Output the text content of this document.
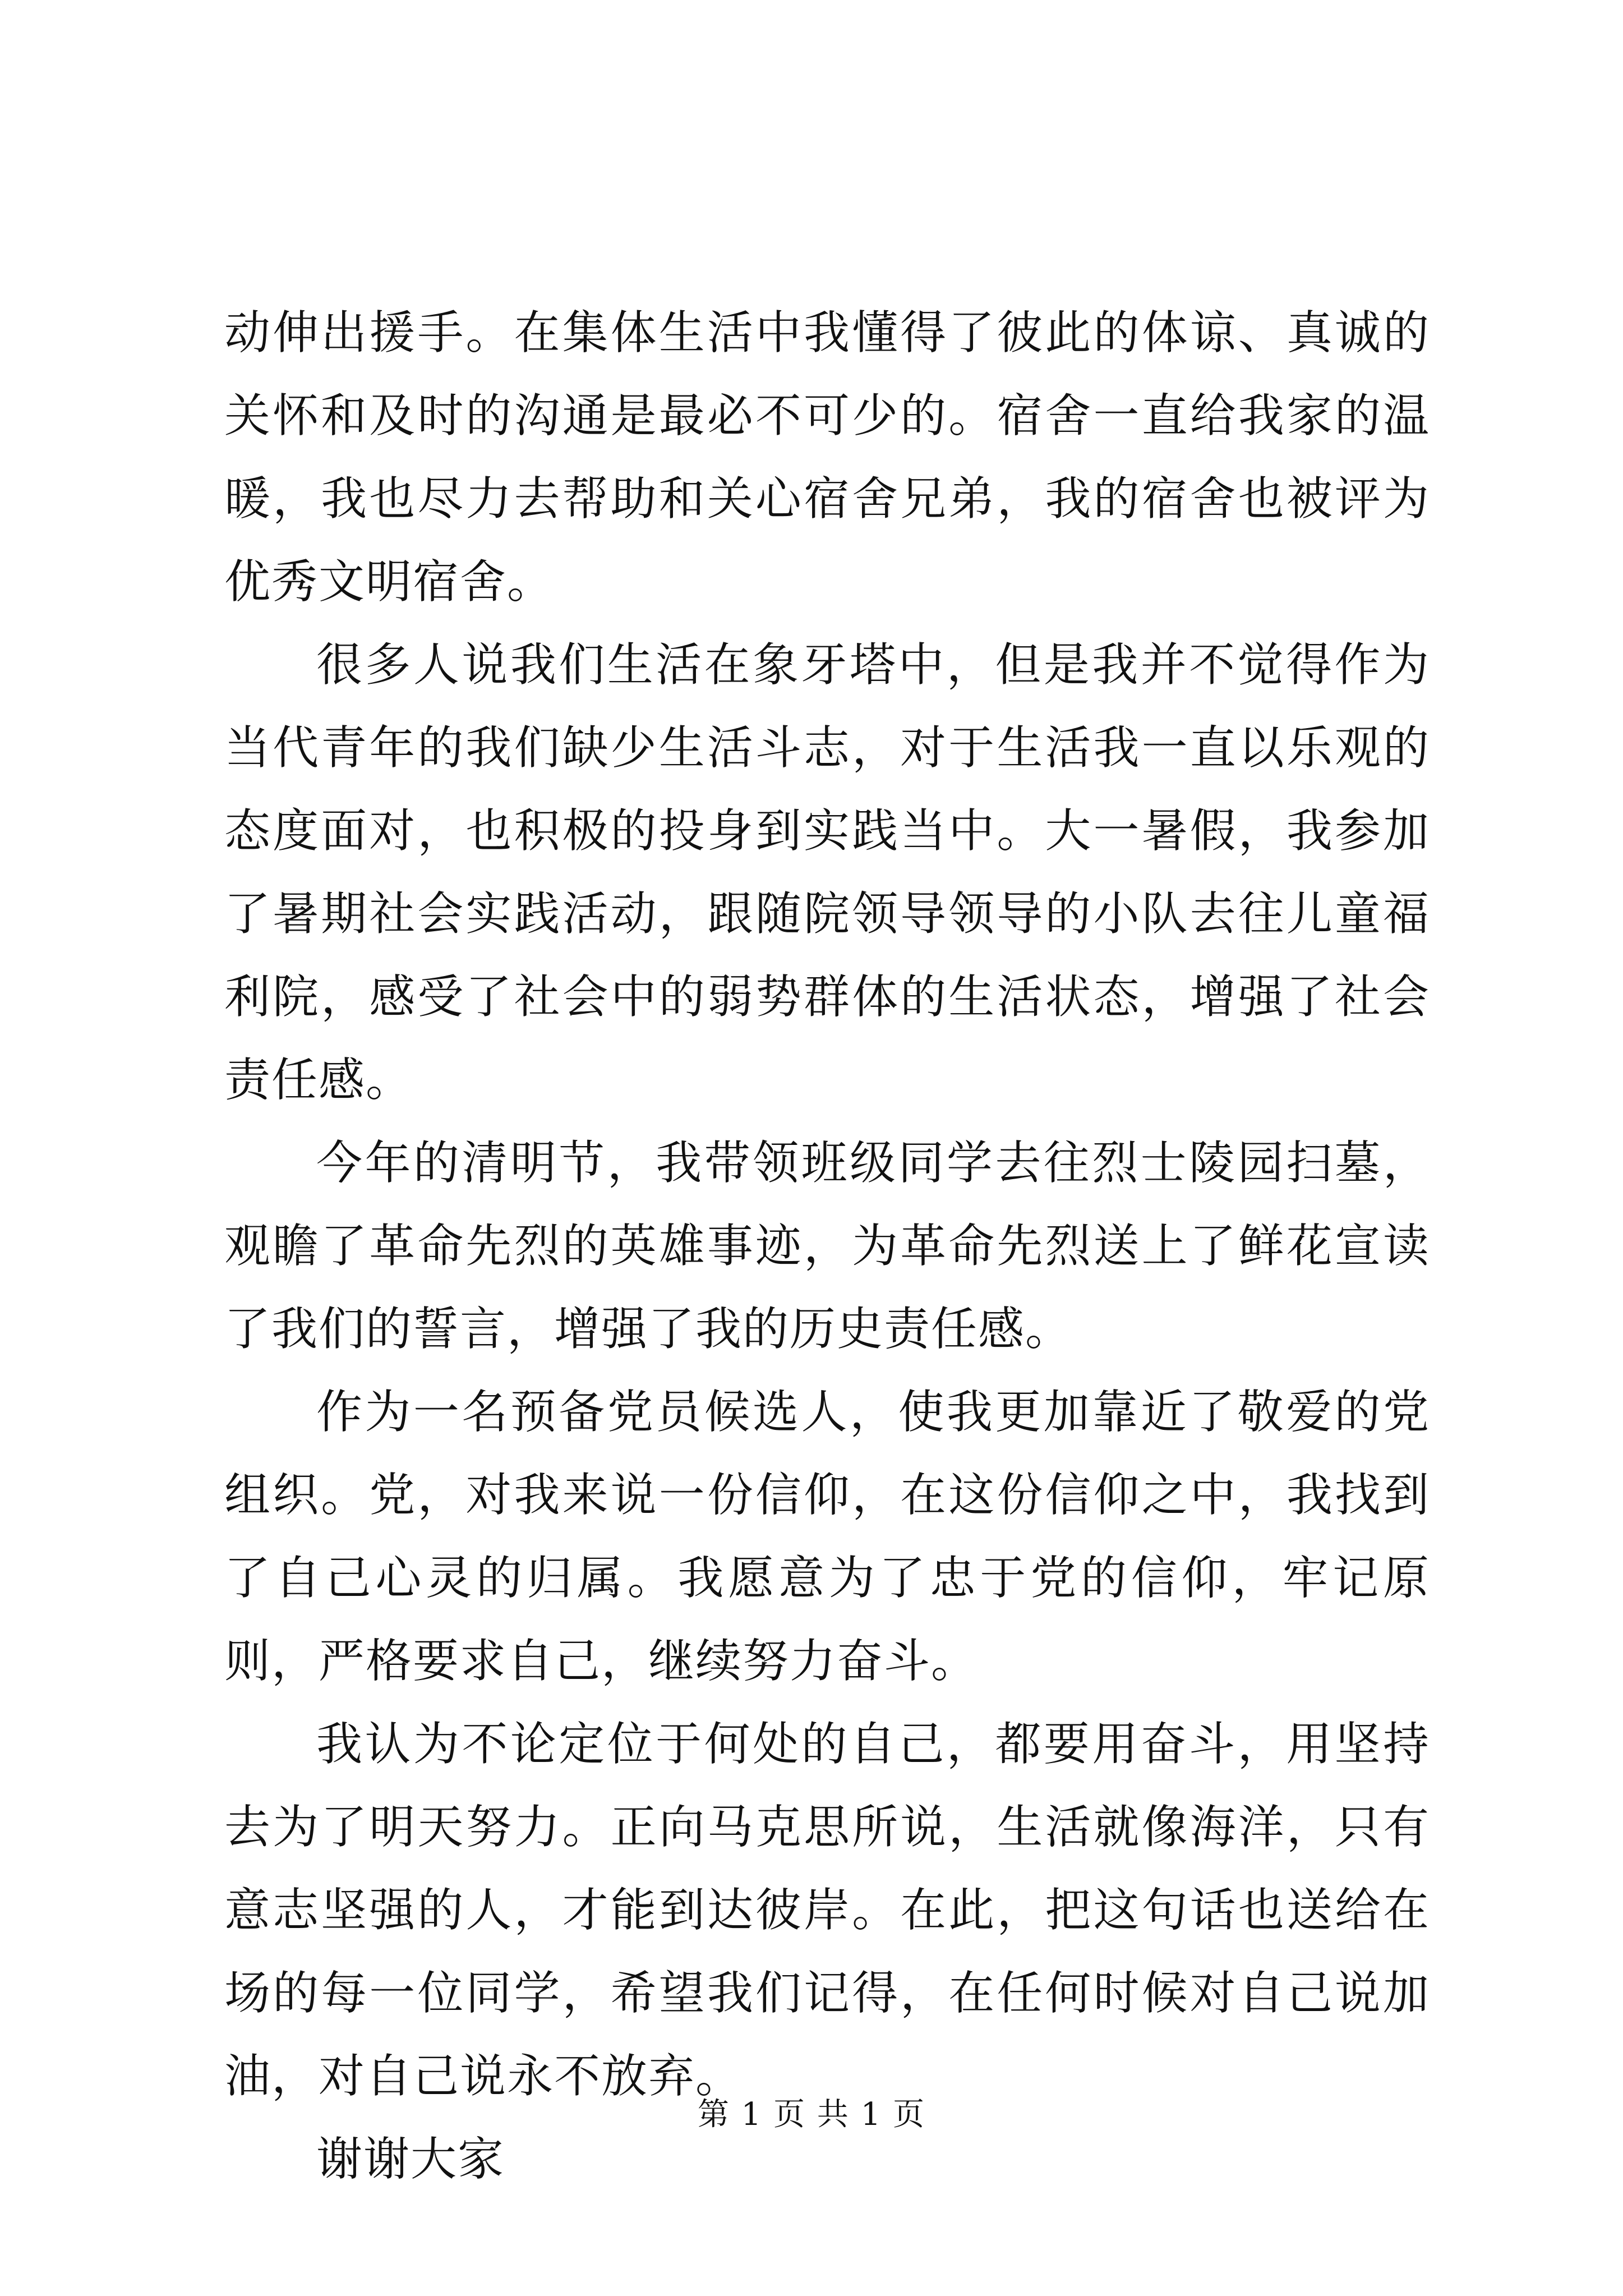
动伸出援手。在集体生活中我懂得了彼此的体谅、真诚的关怀和及时的沟通是最必不可少的。宿舍一直给我家的温暖，我也尽力去帮助和关心宿舍兄弟，我的宿舍也被评为优秀文明宿舍。

很多人说我们生活在象牙塔中，但是我并不觉得作为当代青年的我们缺少生活斗志，对于生活我一直以乐观的态度面对，也积极的投身到实践当中。大一暑假，我参加了暑期社会实践活动，跟随院领导领导的小队去往儿童福利院，感受了社会中的弱势群体的生活状态，增强了社会责任感。

今年的清明节，我带领班级同学去往烈士陵园扫墓，观瞻了革命先烈的英雄事迹，为革命先烈送上了鲜花宣读了我们的誓言，增强了我的历史责任感。

作为一名预备党员候选人，使我更加靠近了敬爱的党组织。党，对我来说一份信仰，在这份信仰之中，我找到了自己心灵的归属。我愿意为了忠于党的信仰，牢记原则，严格要求自己，继续努力奋斗。

我认为不论定位于何处的自己，都要用奋斗，用坚持去为了明天努力。正向马克思所说，生活就像海洋，只有意志坚强的人，才能到达彼岸。在此，把这句话也送给在场的每一位同学，希望我们记得，在任何时候对自己说加油，对自己说永不放弃。

谢谢大家

第 1 页 共 1 页
